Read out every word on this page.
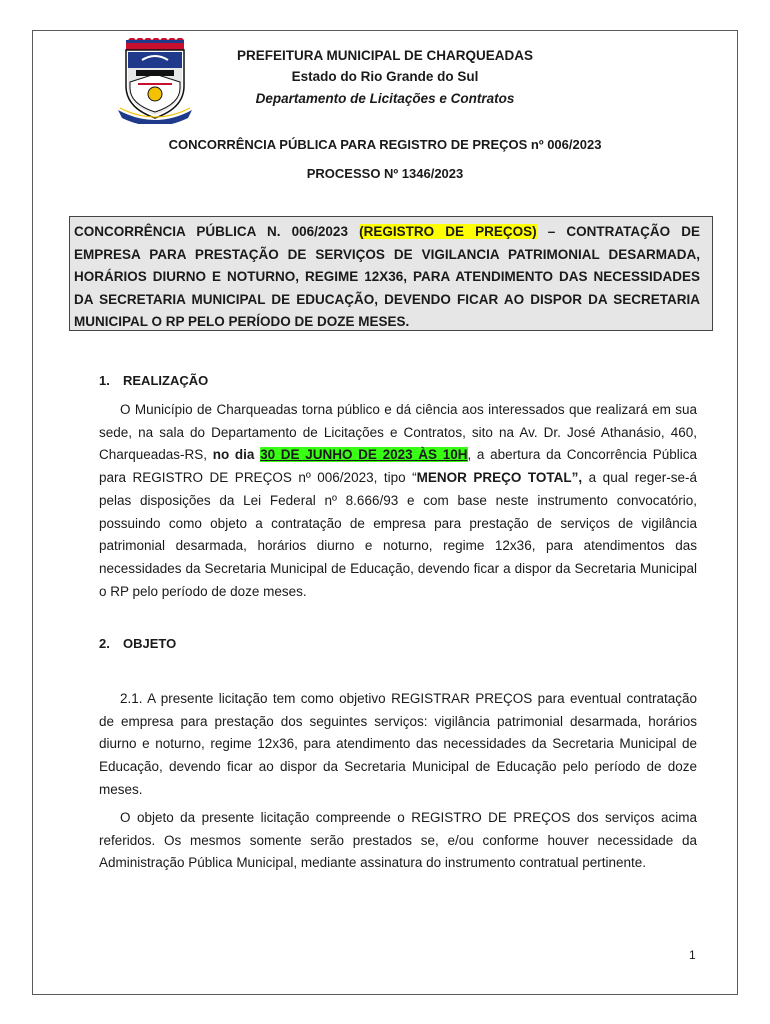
PREFEITURA MUNICIPAL DE CHARQUEADAS
Estado do Rio Grande do Sul
Departamento de Licitações e Contratos
CONCORRÊNCIA PÚBLICA PARA REGISTRO DE PREÇOS nº 006/2023
PROCESSO Nº 1346/2023
CONCORRÊNCIA PÚBLICA N. 006/2023 (REGISTRO DE PREÇOS) – CONTRATAÇÃO DE EMPRESA PARA PRESTAÇÃO DE SERVIÇOS DE VIGILANCIA PATRIMONIAL DESARMADA, HORÁRIOS DIURNO E NOTURNO, REGIME 12X36, PARA ATENDIMENTO DAS NECESSIDADES DA SECRETARIA MUNICIPAL DE EDUCAÇÃO, DEVENDO FICAR AO DISPOR DA SECRETARIA MUNICIPAL O RP PELO PERÍODO DE DOZE MESES.
1. REALIZAÇÃO
O Município de Charqueadas torna público e dá ciência aos interessados que realizará em sua sede, na sala do Departamento de Licitações e Contratos, sito na Av. Dr. José Athanásio, 460, Charqueadas-RS, no dia 30 DE JUNHO DE 2023 ÀS 10H, a abertura da Concorrência Pública para REGISTRO DE PREÇOS nº 006/2023, tipo “MENOR PREÇO TOTAL”, a qual reger-se-á pelas disposições da Lei Federal nº 8.666/93 e com base neste instrumento convocatório, possuindo como objeto a contratação de empresa para prestação de serviços de vigilância patrimonial desarmada, horários diurno e noturno, regime 12x36, para atendimentos das necessidades da Secretaria Municipal de Educação, devendo ficar a dispor da Secretaria Municipal o RP pelo período de doze meses.
2. OBJETO
2.1. A presente licitação tem como objetivo REGISTRAR PREÇOS para eventual contratação de empresa para prestação dos seguintes serviços: vigilância patrimonial desarmada, horários diurno e noturno, regime 12x36, para atendimento das necessidades da Secretaria Municipal de Educação, devendo ficar ao dispor da Secretaria Municipal de Educação pelo período de doze meses.
O objeto da presente licitação compreende o REGISTRO DE PREÇOS dos serviços acima referidos. Os mesmos somente serão prestados se, e/ou conforme houver necessidade da Administração Pública Municipal, mediante assinatura do instrumento contratual pertinente.
1
